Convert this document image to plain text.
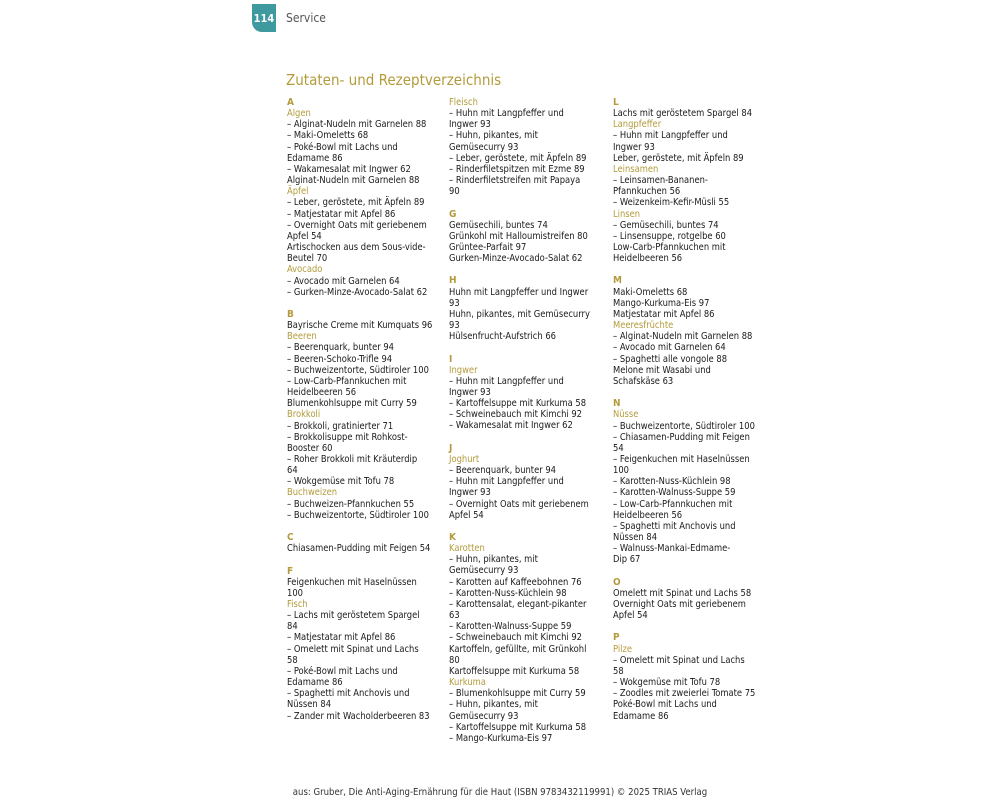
114 Service
Zutaten- und Rezeptverzeichnis
A
Algen
– Alginat-Nudeln mit Garnelen 88
– Maki-Omeletts 68
– Poké-Bowl mit Lachs und
Edamame 86
– Wakamesalat mit Ingwer 62
Alginat-Nudeln mit Garnelen 88
Äpfel
– Leber, geröstete, mit Äpfeln 89
– Matjestatar mit Apfel 86
– Overnight Oats mit geriebenem
Apfel 54
Artischocken aus dem Sous-vide-
Beutel 70
Avocado
– Avocado mit Garnelen 64
– Gurken-Minze-Avocado-Salat 62
B
Bayrische Creme mit Kumquats 96
Beeren
– Beerenquark, bunter 94
– Beeren-Schoko-Trifle 94
– Buchweizentorte, Südtiroler 100
– Low-Carb-Pfannkuchen mit
Heidelbeeren 56
Blumenkohlsuppe mit Curry 59
Brokkoli
– Brokkoli, gratinierter 71
– Brokkolisuppe mit Rohkost-
Booster 60
– Roher Brokkoli mit Kräuterdip
64
– Wokgemüse mit Tofu 78
Buchweizen
– Buchweizen-Pfannkuchen 55
– Buchweizentorte, Südtiroler 100
C
Chiasamen-Pudding mit Feigen 54
F
Feigenkuchen mit Haselnüssen
100
Fisch
– Lachs mit geröstetem Spargel
84
– Matjestatar mit Apfel 86
– Omelett mit Spinat und Lachs
58
– Poké-Bowl mit Lachs und
Edamame 86
– Spaghetti mit Anchovis und
Nüssen 84
– Zander mit Wacholderbeeren 83
Fleisch
– Huhn mit Langpfeffer und
Ingwer 93
– Huhn, pikantes, mit
Gemüsecurry 93
– Leber, geröstete, mit Äpfeln 89
– Rinderfiletspitzen mit Ezme 89
– Rinderfiletstreifen mit Papaya
90
G
Gemüsechili, buntes 74
Grünkohl mit Halloumistreifen 80
Grüntee-Parfait 97
Gurken-Minze-Avocado-Salat 62
H
Huhn mit Langpfeffer und Ingwer
93
Huhn, pikantes, mit Gemüsecurry
93
Hülsenfrucht-Aufstrich 66
I
Ingwer
– Huhn mit Langpfeffer und
Ingwer 93
– Kartoffelsuppe mit Kurkuma 58
– Schweinebauch mit Kimchi 92
– Wakamesalat mit Ingwer 62
J
Joghurt
– Beerenquark, bunter 94
– Huhn mit Langpfeffer und
Ingwer 93
– Overnight Oats mit geriebenem
Apfel 54
K
Karotten
– Huhn, pikantes, mit
Gemüsecurry 93
– Karotten auf Kaffeebohnen 76
– Karotten-Nuss-Küchlein 98
– Karottensalat, elegant-pikanter
63
– Karotten-Walnuss-Suppe 59
– Schweinebauch mit Kimchi 92
Kartoffeln, gefüllte, mit Grünkohl
80
Kartoffelsuppe mit Kurkuma 58
Kurkuma
– Blumenkohlsuppe mit Curry 59
– Huhn, pikantes, mit
Gemüsecurry 93
– Kartoffelsuppe mit Kurkuma 58
– Mango-Kurkuma-Eis 97
L
Lachs mit geröstetem Spargel 84
Langpfeffer
– Huhn mit Langpfeffer und
Ingwer 93
Leber, geröstete, mit Äpfeln 89
Leinsamen
– Leinsamen-Bananen-
Pfannkuchen 56
– Weizenkeim-Kefir-Müsli 55
Linsen
– Gemüsechili, buntes 74
– Linsensuppe, rotgelbe 60
Low-Carb-Pfannkuchen mit
Heidelbeeren 56
M
Maki-Omeletts 68
Mango-Kurkuma-Eis 97
Matjestatar mit Apfel 86
Meeresfrüchte
– Alginat-Nudeln mit Garnelen 88
– Avocado mit Garnelen 64
– Spaghetti alle vongole 88
Melone mit Wasabi und
Schafskäse 63
N
Nüsse
– Buchweizentorte, Südtiroler 100
– Chiasamen-Pudding mit Feigen
54
– Feigenkuchen mit Haselnüssen
100
– Karotten-Nuss-Küchlein 98
– Karotten-Walnuss-Suppe 59
– Low-Carb-Pfannkuchen mit
Heidelbeeren 56
– Spaghetti mit Anchovis und
Nüssen 84
– Walnuss-Mankai-Edmame-
Dip 67
O
Omelett mit Spinat und Lachs 58
Overnight Oats mit geriebenem
Apfel 54
P
Pilze
– Omelett mit Spinat und Lachs
58
– Wokgemüse mit Tofu 78
– Zoodles mit zweierlei Tomate 75
Poké-Bowl mit Lachs und
Edamame 86
aus: Gruber, Die Anti-Aging-Ernährung für die Haut (ISBN 9783432119991) © 2025 TRIAS Verlag
